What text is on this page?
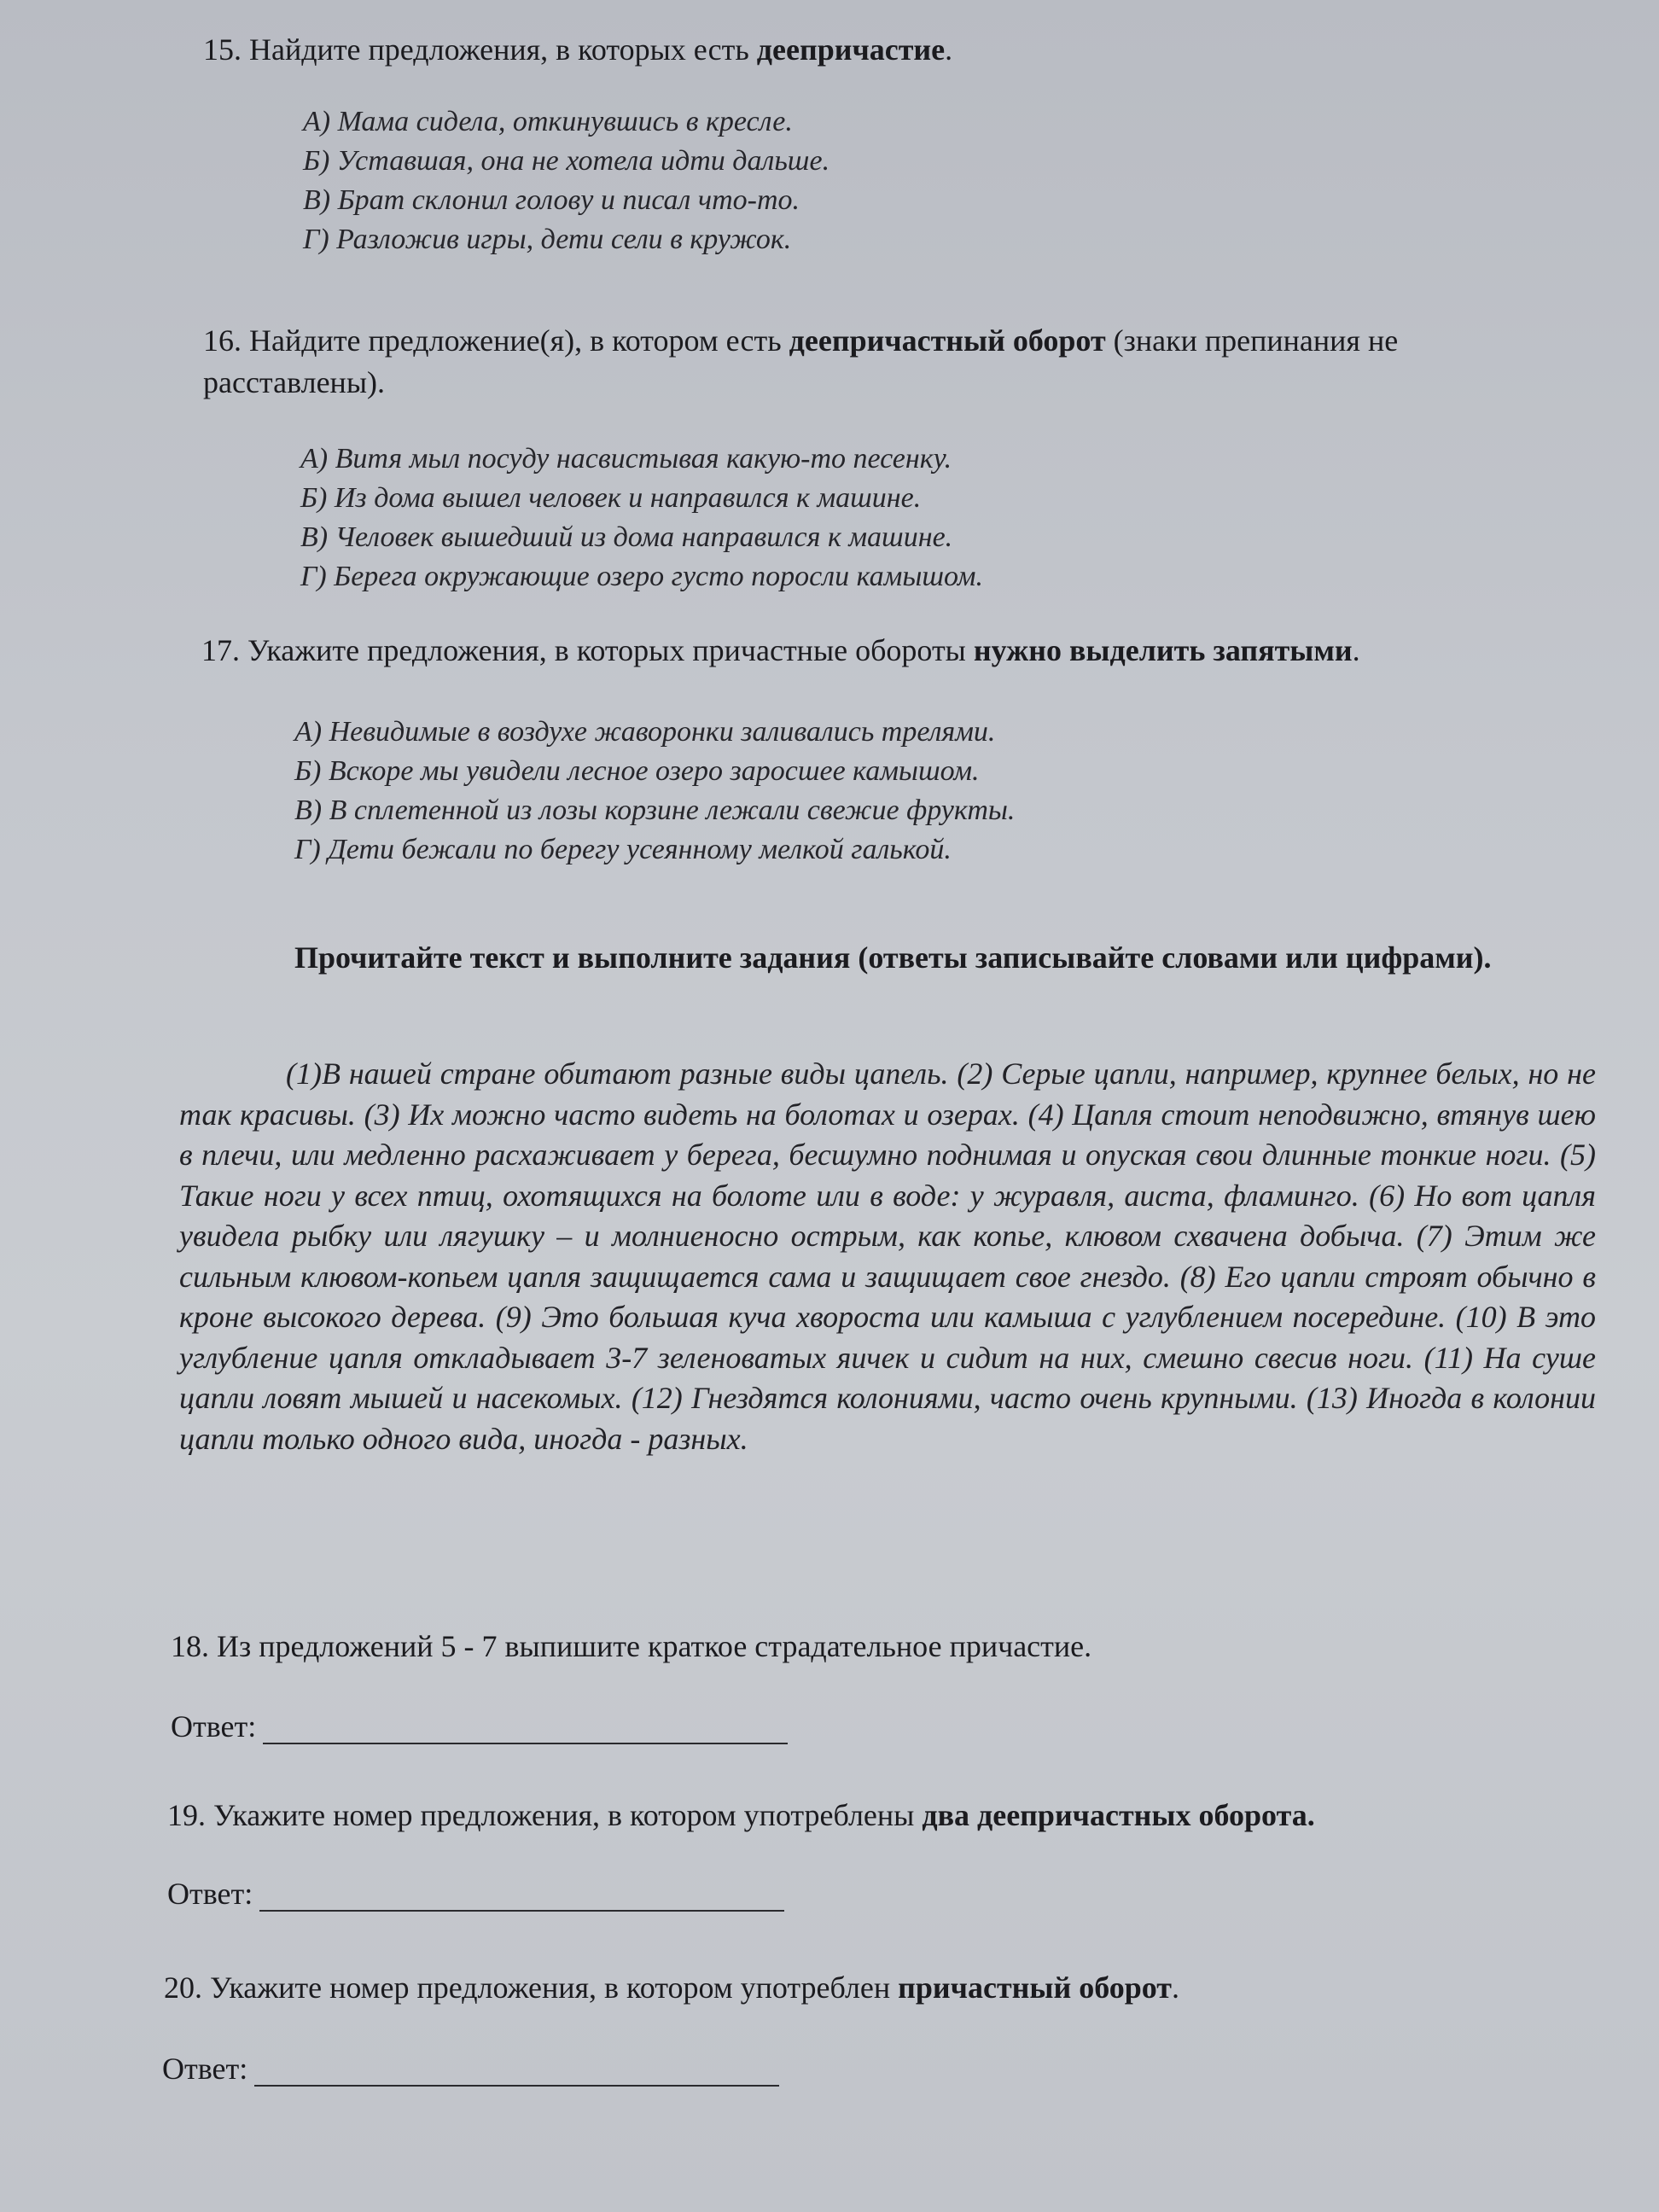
15. Найдите предложения, в которых есть деепричастие.
А) Мама сидела, откинувшись в кресле.
Б) Уставшая, она не хотела идти дальше.
В) Брат склонил голову и писал что-то.
Г) Разложив игры, дети сели в кружок.
16. Найдите предложение(я), в котором есть деепричастный оборот (знаки препинания не
расставлены).
А) Витя мыл посуду насвистывая какую-то песенку.
Б) Из дома вышел человек и направился к машине.
В) Человек вышедший из дома направился к машине.
Г) Берега окружающие озеро густо поросли камышом.
17. Укажите предложения, в которых причастные обороты нужно выделить запятыми.
А) Невидимые в воздухе жаворонки заливались трелями.
Б) Вскоре мы увидели лесное озеро заросшее камышом.
В) В сплетенной из лозы корзине лежали свежие фрукты.
Г) Дети бежали по берегу усеянному мелкой галькой.
Прочитайте текст и выполните задания (ответы записывайте словами или цифрами).
(1)В нашей стране обитают разные виды цапель. (2) Серые цапли, например, крупнее белых, но не так красивы. (3) Их можно часто видеть на болотах и озерах. (4) Цапля стоит неподвижно, втянув шею в плечи, или медленно расхаживает у берега, бесшумно поднимая и опуская свои длинные тонкие ноги. (5) Такие ноги у всех птиц, охотящихся на болоте или в воде: у журавля, аиста, фламинго. (6) Но вот цапля увидела рыбку или лягушку – и молниеносно острым, как копье, клювом схвачена добыча. (7) Этим же сильным клювом-копьем цапля защищается сама и защищает свое гнездо. (8) Его цапли строят обычно в кроне высокого дерева. (9) Это большая куча хвороста или камыша с углублением посередине. (10) В это углубление цапля откладывает 3-7 зеленоватых яичек и сидит на них, смешно свесив ноги. (11) На суше цапли ловят мышей и насекомых. (12) Гнездятся колониями, часто очень крупными. (13) Иногда в колонии цапли только одного вида, иногда - разных.
18. Из предложений 5 - 7 выпишите краткое страдательное причастие.
Ответ:
19. Укажите номер предложения, в котором употреблены два деепричастных оборота.
Ответ:
20. Укажите номер предложения, в котором употреблен причастный оборот.
Ответ:
